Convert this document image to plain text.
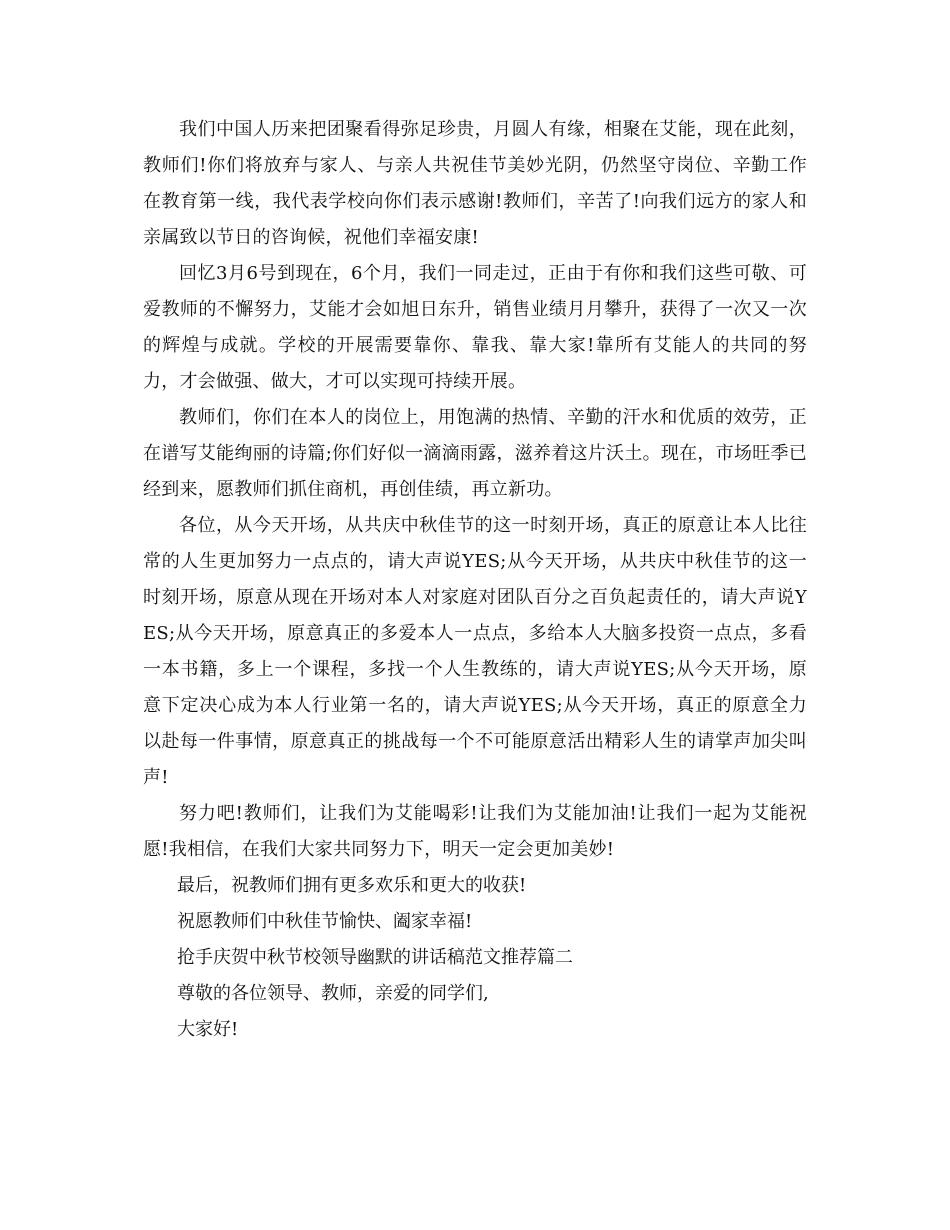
我们中国人历来把团聚看得弥足珍贵，月圆人有缘，相聚在艾能，现在此刻，教师们!你们将放弃与家人、与亲人共祝佳节美妙光阴，仍然坚守岗位、辛勤工作在教育第一线，我代表学校向你们表示感谢!教师们，辛苦了!向我们远方的家人和亲属致以节日的咨询候，祝他们幸福安康!

回忆3月6号到现在，6个月，我们一同走过，正由于有你和我们这些可敬、可爱教师的不懈努力，艾能才会如旭日东升，销售业绩月月攀升，获得了一次又一次的辉煌与成就。学校的开展需要靠你、靠我、靠大家!靠所有艾能人的共同的努力，才会做强、做大，才可以实现可持续开展。

教师们，你们在本人的岗位上，用饱满的热情、辛勤的汗水和优质的效劳，正在谱写艾能绚丽的诗篇;你们好似一滴滴雨露，滋养着这片沃土。现在，市场旺季已经到来，愿教师们抓住商机，再创佳绩，再立新功。

各位，从今天开场，从共庆中秋佳节的这一时刻开场，真正的原意让本人比往常的人生更加努力一点点的，请大声说YES;从今天开场，从共庆中秋佳节的这一时刻开场，原意从现在开场对本人对家庭对团队百分之百负起责任的，请大声说YES;从今天开场，原意真正的多爱本人一点点，多给本人大脑多投资一点点，多看一本书籍，多上一个课程，多找一个人生教练的，请大声说YES;从今天开场，原意下定决心成为本人行业第一名的，请大声说YES;从今天开场，真正的原意全力以赴每一件事情，原意真正的挑战每一个不可能原意活出精彩人生的请掌声加尖叫声!

努力吧!教师们，让我们为艾能喝彩!让我们为艾能加油!让我们一起为艾能祝愿!我相信，在我们大家共同努力下，明天一定会更加美妙!

最后，祝教师们拥有更多欢乐和更大的收获!

祝愿教师们中秋佳节愉快、阖家幸福!

抢手庆贺中秋节校领导幽默的讲话稿范文推荐篇二

尊敬的各位领导、教师，亲爱的同学们,

大家好!
